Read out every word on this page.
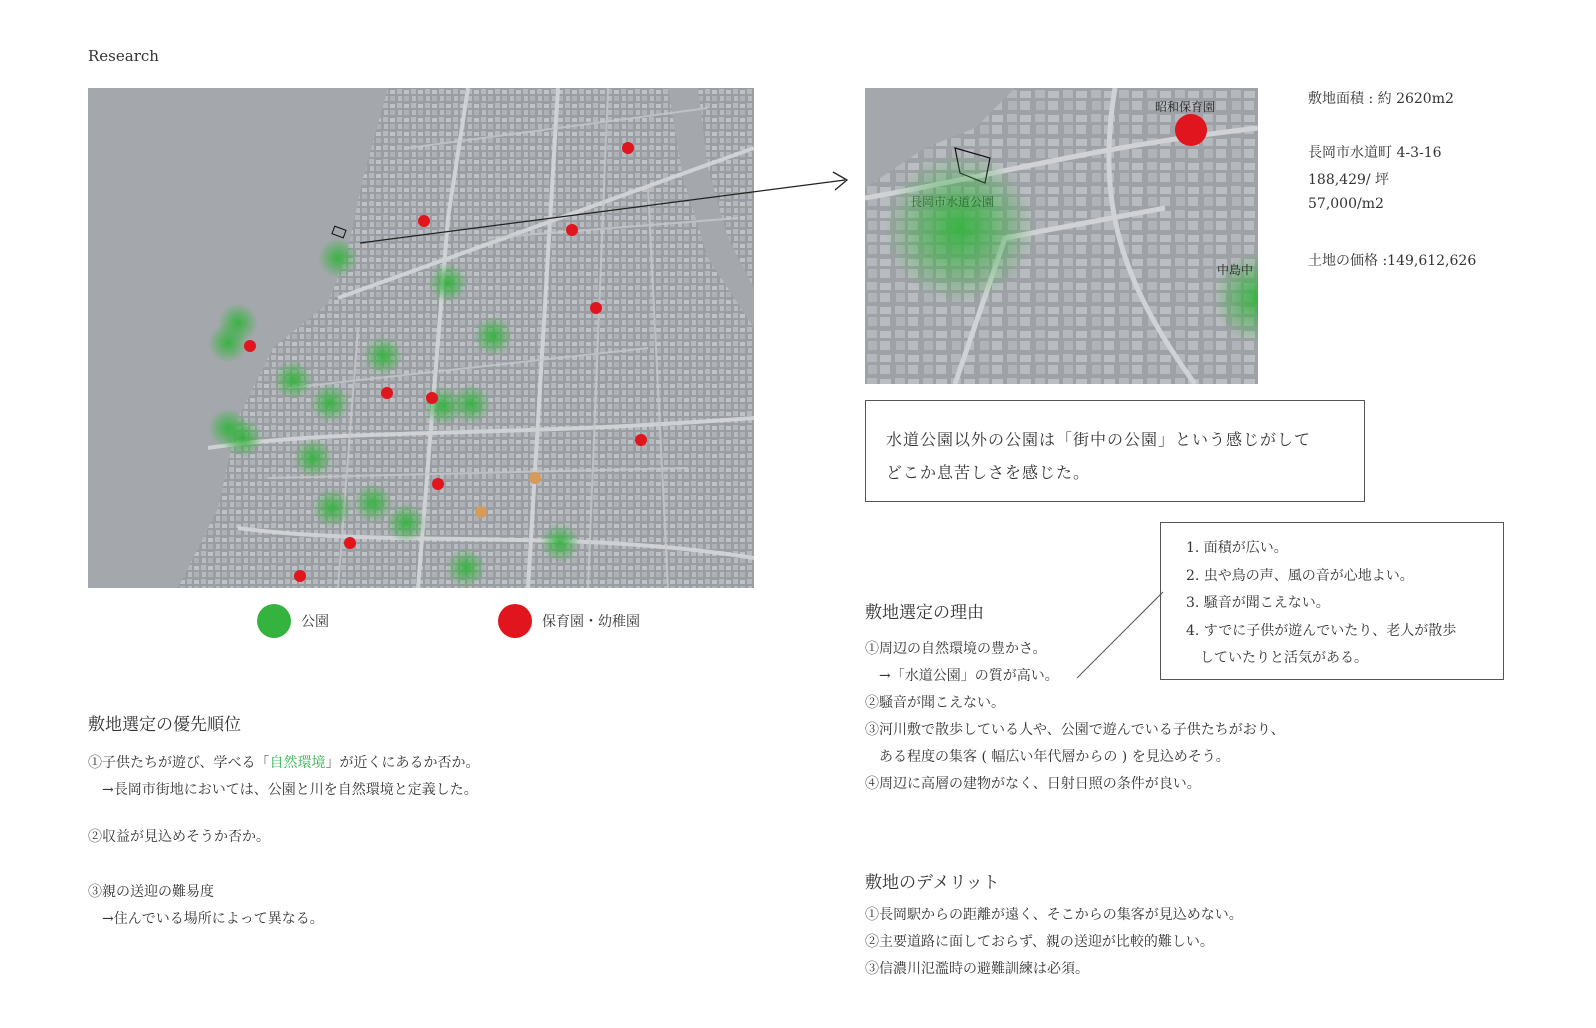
Research
昭和保育園
長岡市水道公園
中島中
公園	保育園・幼稚園
敷地面積 : 約 2620m2
長岡市水道町 4-3-16
188,429/ 坪
57,000/m2
土地の価格 :149,612,626
水道公園以外の公園は「街中の公園」という感じがして
どこか息苦しさを感じた。
1. 面積が広い。
2. 虫や鳥の声、風の音が心地よい。
3. 騒音が聞こえない。
4. すでに子供が遊んでいたり、老人が散歩
　していたりと活気がある。
敷地選定の理由
①周辺の自然環境の豊かさ。
　→「水道公園」の質が高い。
②騒音が聞こえない。
③河川敷で散歩している人や、公園で遊んでいる子供たちがおり、
　ある程度の集客 ( 幅広い年代層からの ) を見込めそう。
④周辺に高層の建物がなく、日射日照の条件が良い。
敷地選定の優先順位
①子供たちが遊び、学べる「自然環境」が近くにあるか否か。
　→長岡市街地においては、公園と川を自然環境と定義した。
②収益が見込めそうか否か。
③親の送迎の難易度
　→住んでいる場所によって異なる。
敷地のデメリット
①長岡駅からの距離が遠く、そこからの集客が見込めない。
②主要道路に面しておらず、親の送迎が比較的難しい。
③信濃川氾濫時の避難訓練は必須。
